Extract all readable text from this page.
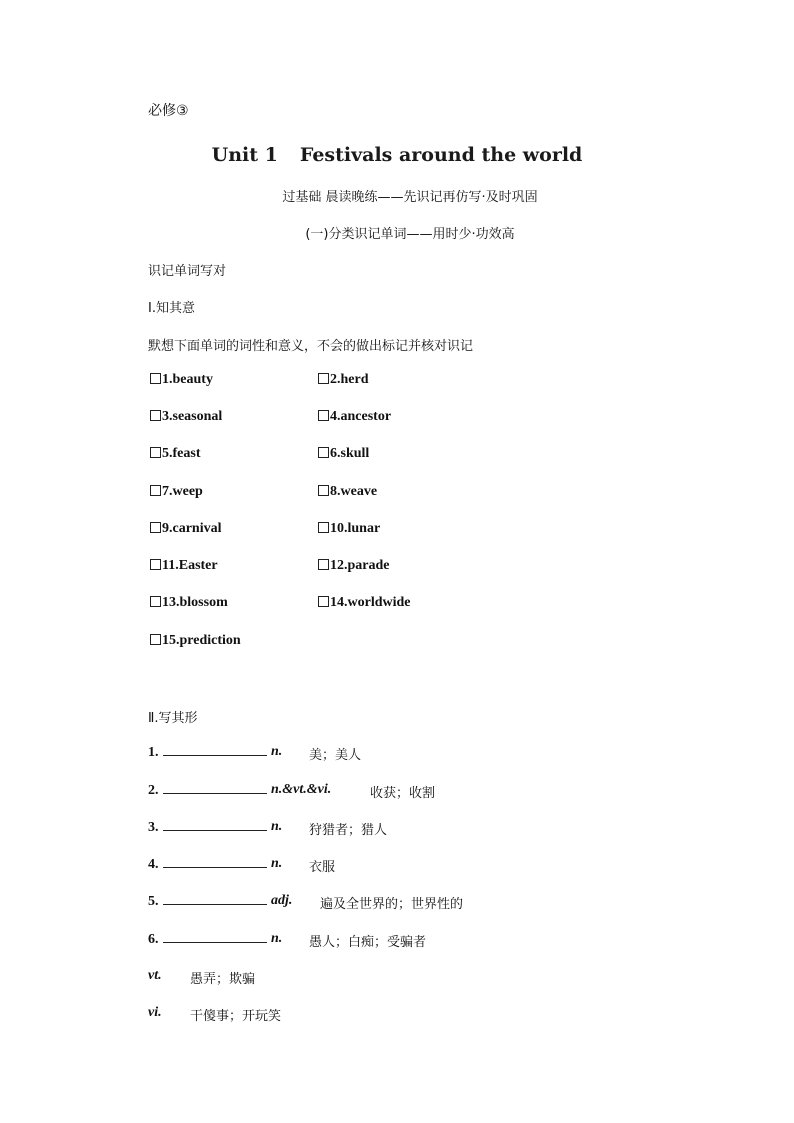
必修③
Unit 1 Festivals around the world
过基础 晨读晚练——先识记再仿写·及时巩固
(一)分类识记单词——用时少·功效高
识记单词写对
Ⅰ.知其意
默想下面单词的词性和意义，不会的做出标记并核对识记
1.beauty	2.herd
3.seasonal	4.ancestor
5.feast	6.skull
7.weep	8.weave
9.carnival	10.lunar
11.Easter	12.parade
13.blossom	14.worldwide
15.prediction
Ⅱ.写其形
1.	n. 美；美人
2.	n.&vt.&vi.	收获；收割
3.	n. 狩猎者；猎人
4.	n. 衣服
5.	adj. 遍及全世界的；世界性的
6.	n. 愚人；白痴；受骗者
vt. 愚弄；欺骗
vi. 干傻事；开玩笑
